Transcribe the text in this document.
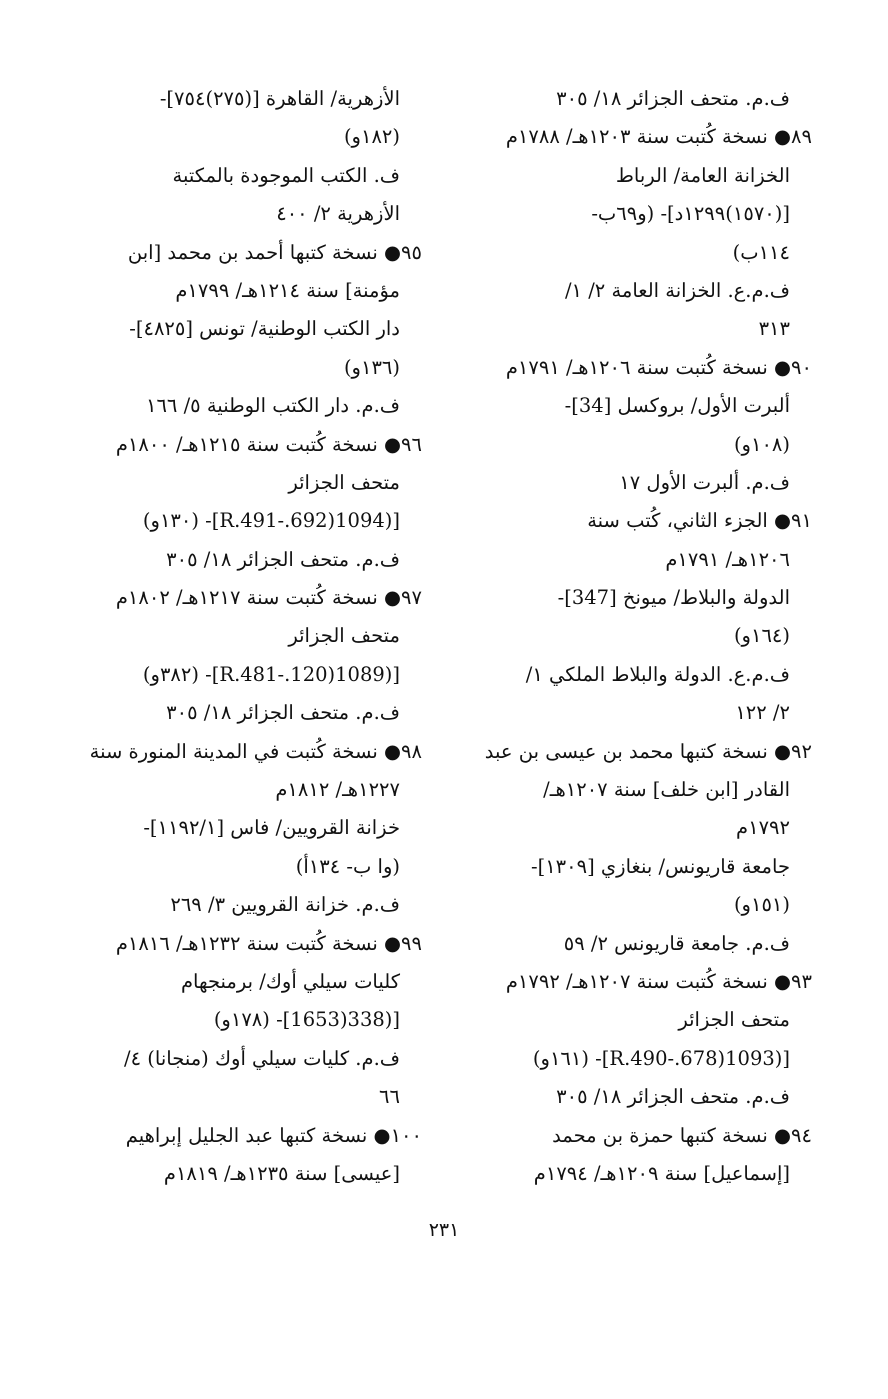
ف.م. متحف الجزائر ١٨/ ٣٠٥
٨٩● نسخة كُتبت سنة ١٢٠٣هـ/ ١٧٨٨م
الخزانة العامة/ الرباط
[(١٥٧٠)١٢٩٩د]- (و٦٩ب-
١١٤ب)
ف.م.ع. الخزانة العامة ٢/ ١/
٣١٣
٩٠● نسخة كُتبت سنة ١٢٠٦هـ/ ١٧٩١م
ألبرت الأول/ بروكسل [34]-
(١٠٨و)
ف.م. ألبرت الأول ١٧
٩١● الجزء الثاني، كُتب سنة
١٢٠٦هـ/ ١٧٩١م
الدولة والبلاط/ ميونخ [347]-
(١٦٤و)
ف.م.ع. الدولة والبلاط الملكي ١/
٢/ ١٢٢
٩٢● نسخة كتبها محمد بن عيسى بن عبد
القادر [ابن خلف] سنة ١٢٠٧هـ/
١٧٩٢م
جامعة قاريونس/ بنغازي [١٣٠٩]-
(١٥١و)
ف.م. جامعة قاريونس ٢/ ٥٩
٩٣● نسخة كُتبت سنة ١٢٠٧هـ/ ١٧٩٢م
متحف الجزائر
[(1093(678.-R.490]- (١٦١و)
ف.م. متحف الجزائر ١٨/ ٣٠٥
٩٤● نسخة كتبها حمزة بن محمد
[إسماعيل] سنة ١٢٠٩هـ/ ١٧٩٤م
الأزهرية/ القاهرة [(٢٧٥)٧٥٤]-
(١٨٢و)
ف. الكتب الموجودة بالمكتبة
الأزهرية ٢/ ٤٠٠
٩٥● نسخة كتبها أحمد بن محمد [ابن
مؤمنة] سنة ١٢١٤هـ/ ١٧٩٩م
دار الكتب الوطنية/ تونس [٤٨٢٥]-
(١٣٦و)
ف.م. دار الكتب الوطنية ٥/ ١٦٦
٩٦● نسخة كُتبت سنة ١٢١٥هـ/ ١٨٠٠م
متحف الجزائر
[(1094(692.-R.491]- (١٣٠و)
ف.م. متحف الجزائر ١٨/ ٣٠٥
٩٧● نسخة كُتبت سنة ١٢١٧هـ/ ١٨٠٢م
متحف الجزائر
[(1089(120.-R.481]- (٣٨٢و)
ف.م. متحف الجزائر ١٨/ ٣٠٥
٩٨● نسخة كُتبت في المدينة المنورة سنة
١٢٢٧هـ/ ١٨١٢م
خزانة القرويين/ فاس [١١٩٢/١]-
(وا ب- ١٣٤أ)
ف.م. خزانة القرويين ٣/ ٢٦٩
٩٩● نسخة كُتبت سنة ١٢٣٢هـ/ ١٨١٦م
كليات سيلي أوك/ برمنجهام
[(338(1653]- (١٧٨و)
ف.م. كليات سيلي أوك (منجانا) ٤/
٦٦
١٠٠● نسخة كتبها عبد الجليل إبراهيم
[عيسى] سنة ١٢٣٥هـ/ ١٨١٩م
٢٣١
